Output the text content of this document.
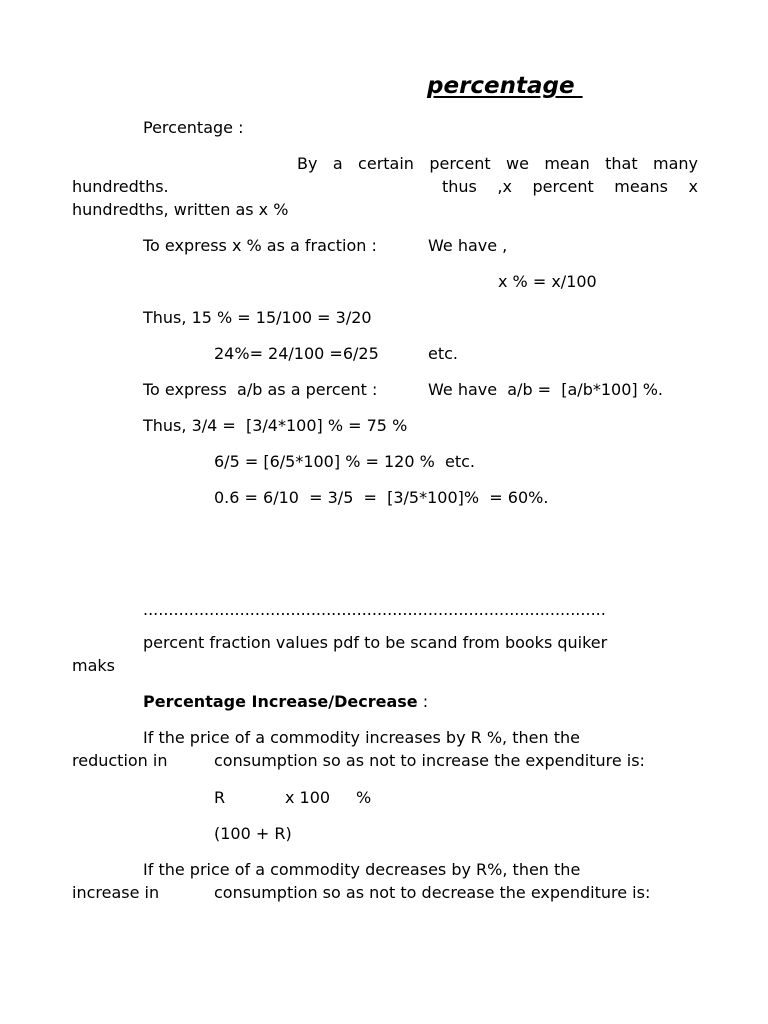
percentage
Percentage :
By a certain percent we mean that many
hundredths.	thus ,x percent means x
hundredths, written as x %
To express x % as a fraction :	We have ,
x % = x/100
Thus, 15 % = 15/100 = 3/20
24%= 24/100 =6/25	etc.
To express  a/b as a percent :	We have  a/b =  [a/b*100] %.
Thus, 3/4 =  [3/4*100] % = 75 %
6/5 = [6/5*100] % = 120 %  etc.
0.6 = 6/10  = 3/5  =  [3/5*100]%  = 60%.
...........................................................................................
percent fraction values pdf to be scand from books quiker
maks
Percentage Increase/Decrease :
If the price of a commodity increases by R %, then the
reduction in	consumption so as not to increase the expenditure is:
R	x 100 %
(100 + R)
If the price of a commodity decreases by R%, then the
increase in	consumption so as not to decrease the expenditure is:
